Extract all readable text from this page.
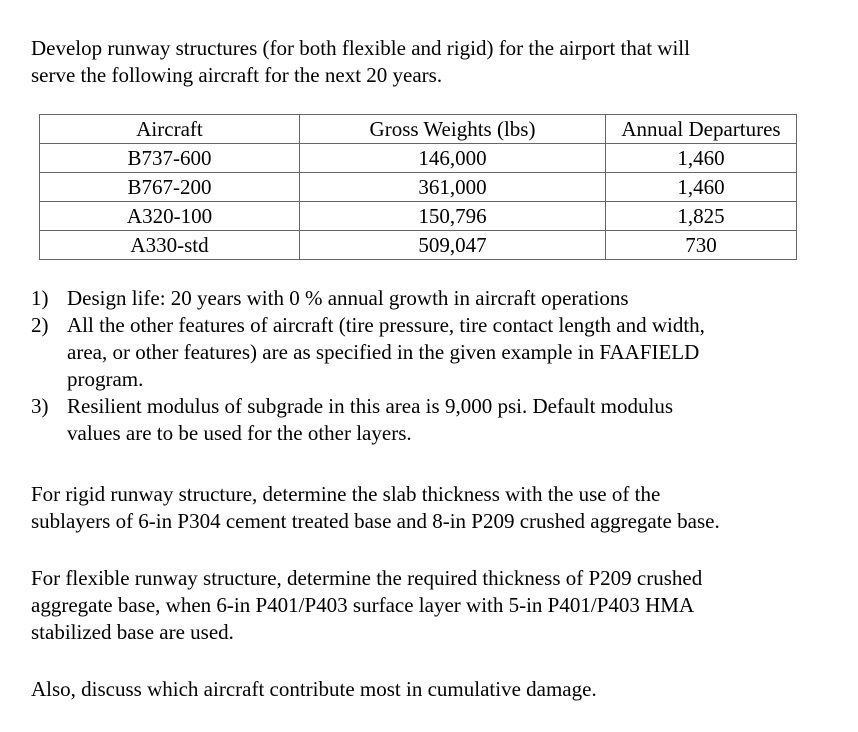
Develop runway structures (for both flexible and rigid) for the airport that will
serve the following aircraft for the next 20 years.

Aircraft	Gross Weights (lbs)	Annual Departures
B737-600	146,000	1,460
B767-200	361,000	1,460
A320-100	150,796	1,825
A330-std	509,047	730
1) Design life: 20 years with 0 % annual growth in aircraft operations
2) All the other features of aircraft (tire pressure, tire contact length and width,
area, or other features) are as specified in the given example in FAAFIELD
program.
3) Resilient modulus of subgrade in this area is 9,000 psi. Default modulus
values are to be used for the other layers.

For rigid runway structure, determine the slab thickness with the use of the
sublayers of 6-in P304 cement treated base and 8-in P209 crushed aggregate base.

For flexible runway structure, determine the required thickness of P209 crushed
aggregate base, when 6-in P401/P403 surface layer with 5-in P401/P403 HMA
stabilized base are used.

Also, discuss which aircraft contribute most in cumulative damage.
